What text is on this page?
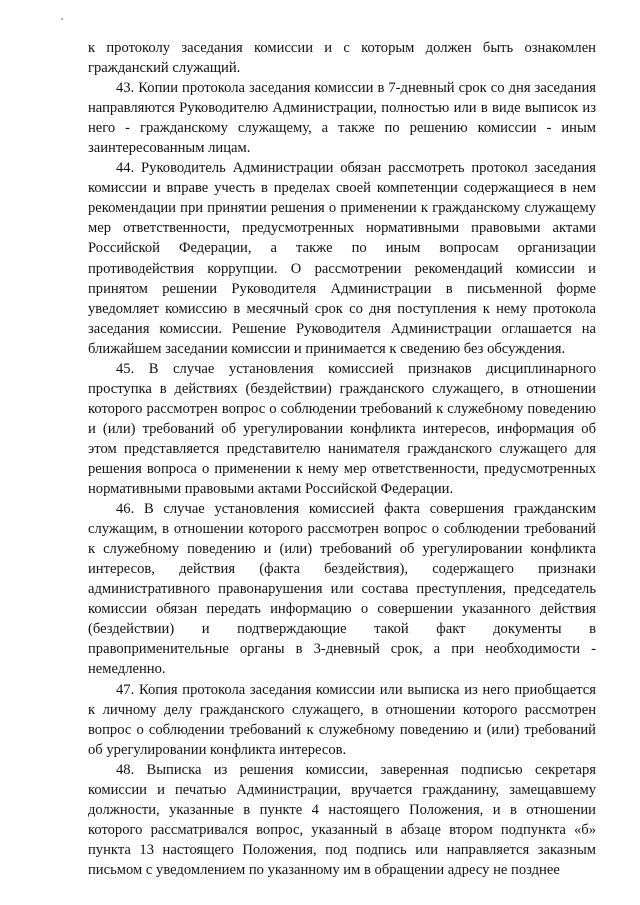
к протоколу заседания комиссии и с которым должен быть ознакомлен гражданский служащий.

43. Копии протокола заседания комиссии в 7-дневный срок со дня заседания направляются Руководителю Администрации, полностью или в виде выписок из него - гражданскому служащему, а также по решению комиссии - иным заинтересованным лицам.

44. Руководитель Администрации обязан рассмотреть протокол заседания комиссии и вправе учесть в пределах своей компетенции содержащиеся в нем рекомендации при принятии решения о применении к гражданскому служащему мер ответственности, предусмотренных нормативными правовыми актами Российской Федерации, а также по иным вопросам организации противодействия коррупции. О рассмотрении рекомендаций комиссии и принятом решении Руководителя Администрации в письменной форме уведомляет комиссию в месячный срок со дня поступления к нему протокола заседания комиссии. Решение Руководителя Администрации оглашается на ближайшем заседании комиссии и принимается к сведению без обсуждения.

45. В случае установления комиссией признаков дисциплинарного проступка в действиях (бездействии) гражданского служащего, в отношении которого рассмотрен вопрос о соблюдении требований к служебному поведению и (или) требований об урегулировании конфликта интересов, информация об этом представляется представителю нанимателя гражданского служащего для решения вопроса о применении к нему мер ответственности, предусмотренных нормативными правовыми актами Российской Федерации.

46. В случае установления комиссией факта совершения гражданским служащим, в отношении которого рассмотрен вопрос о соблюдении требований к служебному поведению и (или) требований об урегулировании конфликта интересов, действия (факта бездействия), содержащего признаки административного правонарушения или состава преступления, председатель комиссии обязан передать информацию о совершении указанного действия (бездействии) и подтверждающие такой факт документы в правоприменительные органы в 3-дневный срок, а при необходимости - немедленно.

47. Копия протокола заседания комиссии или выписка из него приобщается к личному делу гражданского служащего, в отношении которого рассмотрен вопрос о соблюдении требований к служебному поведению и (или) требований об урегулировании конфликта интересов.

48. Выписка из решения комиссии, заверенная подписью секретаря комиссии и печатью Администрации, вручается гражданину, замещавшему должности, указанные в пункте 4 настоящего Положения, и в отношении которого рассматривался вопрос, указанный в абзаце втором подпункта «б» пункта 13 настоящего Положения, под подпись или направляется заказным письмом с уведомлением по указанному им в обращении адресу не позднее
